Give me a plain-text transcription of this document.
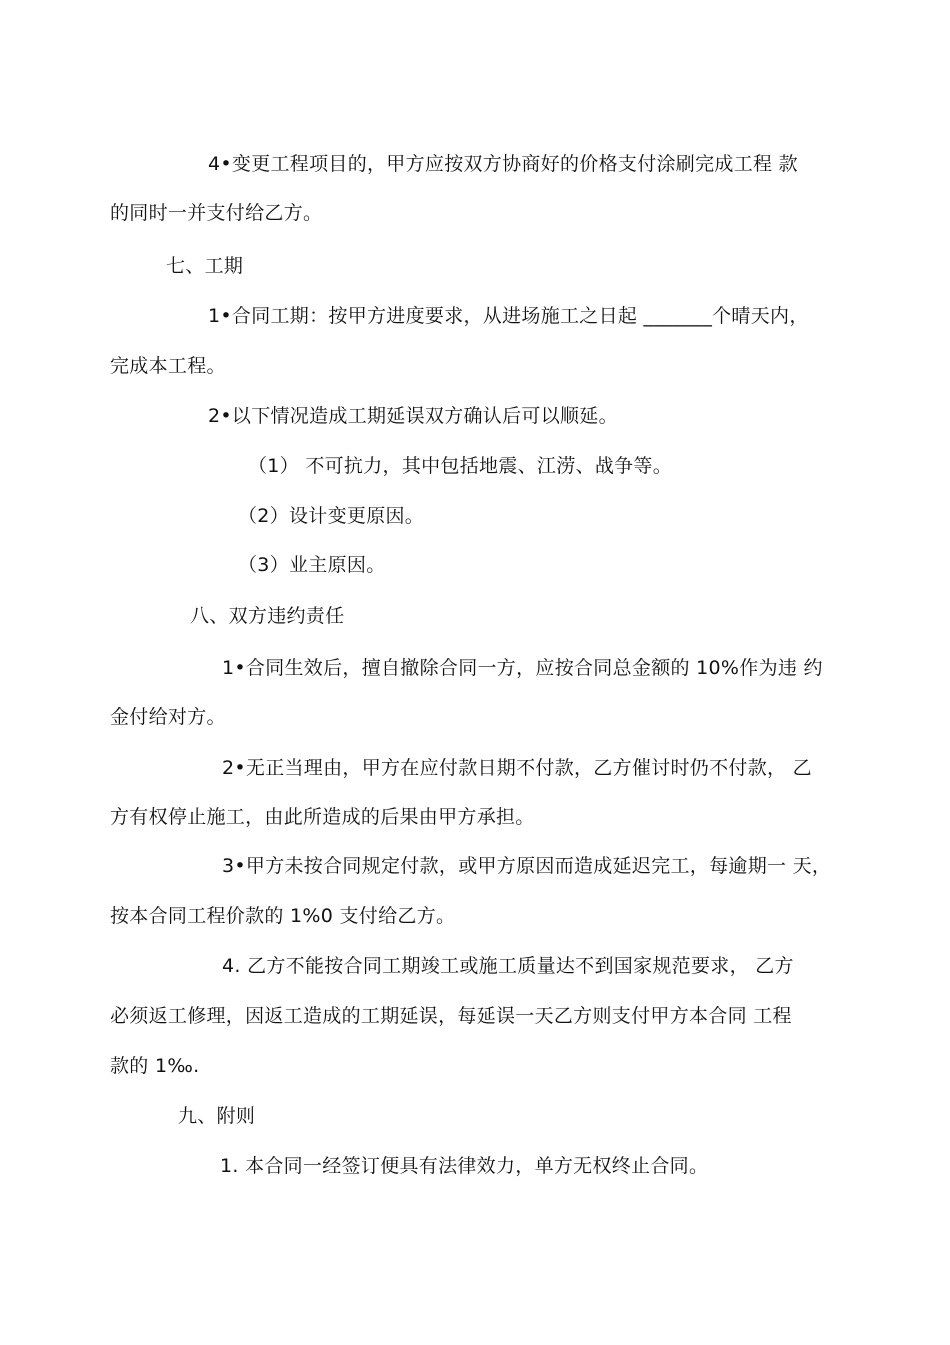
4•变更工程项目的，甲方应按双方协商好的价格支付涂刷完成工程 款
的同时一并支付给乙方。
七、工期
1•合同工期：按甲方进度要求，从进场施工之日起 _______个晴天内，
完成本工程。
2•以下情况造成工期延误双方确认后可以顺延。
（1） 不可抗力，其中包括地震、江涝、战争等。
（2）设计变更原因。
（3）业主原因。
八、双方违约责任
1•合同生效后，擅自撤除合同一方，应按合同总金额的 10%作为违 约
金付给对方。
2•无正当理由，甲方在应付款日期不付款，乙方催讨时仍不付款， 乙
方有权停止施工，由此所造成的后果由甲方承担。
3•甲方未按合同规定付款，或甲方原因而造成延迟完工，每逾期一 天，
按本合同工程价款的 1%0 支付给乙方。
4. 乙方不能按合同工期竣工或施工质量达不到国家规范要求， 乙方
必须返工修理，因返工造成的工期延误，每延误一天乙方则支付甲方本合同 工程
款的 1‰.
九、附则
1. 本合同一经签订便具有法律效力，单方无权终止合同。
